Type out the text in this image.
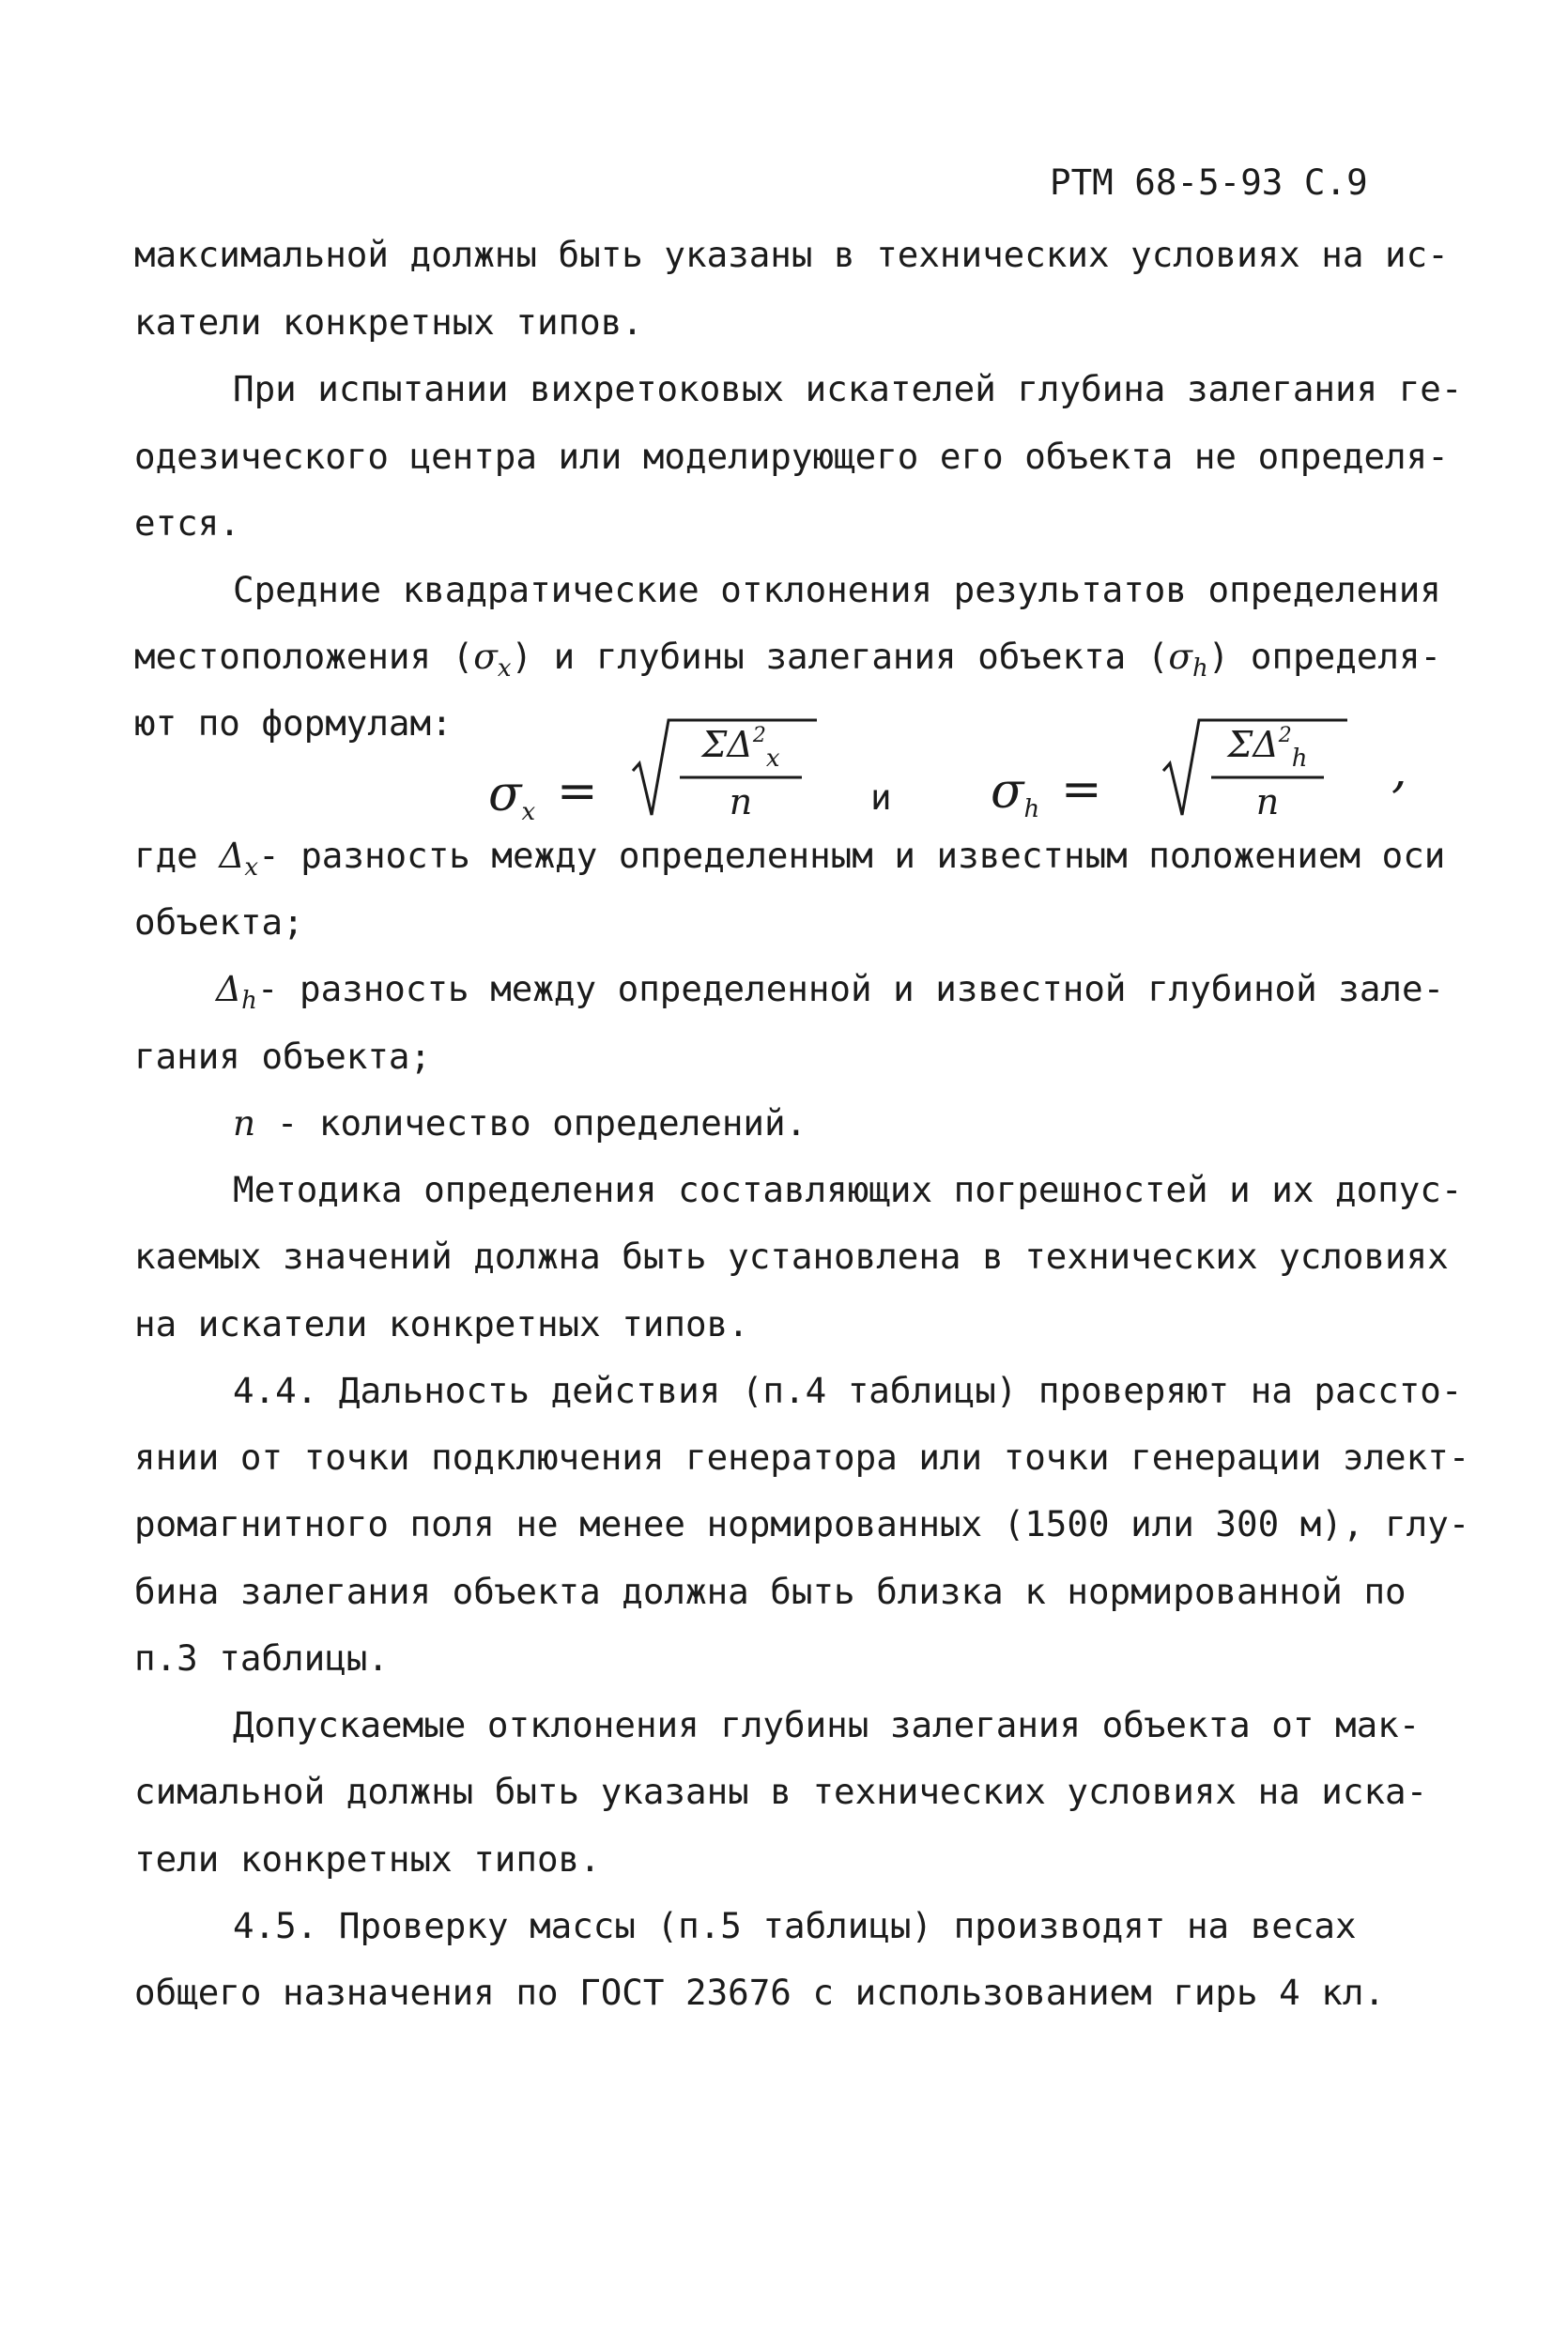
РТМ 68-5-93 С.9
максимальной должны быть указаны в технических условиях на ис-
катели конкретных типов.
При испытании вихретоковых искателей глубина залегания ге-
одезического центра или моделирующего его объекта не определя-
ется.
Средние квадратические отклонения результатов определения
местоположения $(\sigma_x)$ и глубины залегания объекта $(\sigma_h)$ определя-
ют по формулам:
σx =
$\Sigma\Delta^2_x$
n	и σh =
$\Sigma\Delta^2_h$
n
,
где $\Delta_x-$ разность между определенным и известным положением оси
объекта;
$\Delta_h-$ разность между определенной и известной глубиной зале-
гания объекта;
n - количество определений.
Методика определения составляющих погрешностей и их допус-
каемых значений должна быть установлена в технических условиях
на искатели конкретных типов.
4.4. Дальность действия (п.4 таблицы) проверяют на рассто-
янии от точки подключения генератора или точки генерации элект-
ромагнитного поля не менее нормированных (1500 или 300 м), глу-
бина залегания объекта должна быть близка к нормированной по
п.3 таблицы.
Допускаемые отклонения глубины залегания объекта от мак-
симальной должны быть указаны в технических условиях на иска-
тели конкретных типов.
4.5. Проверку массы (п.5 таблицы) производят на весах
общего назначения по ГОСТ 23676 с использованием гирь 4 кл.
